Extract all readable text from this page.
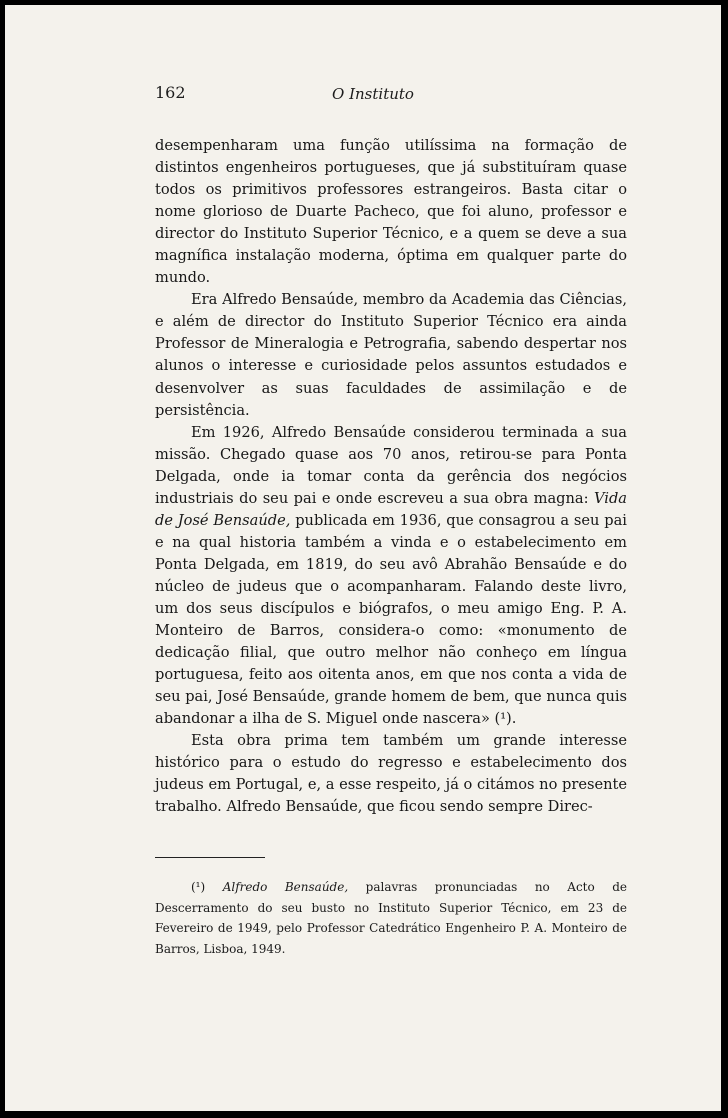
162	O Instituto

desempenharam uma função utilíssima na formação de distintos engenheiros portugueses, que já substituíram quase todos os primitivos professores estrangeiros. Basta citar o nome glorioso de Duarte Pacheco, que foi aluno, professor e director do Instituto Superior Técnico, e a quem se deve a sua magnífica instalação moderna, óptima em qualquer parte do mundo.

Era Alfredo Bensaúde, membro da Academia das Ciências, e além de director do Instituto Superior Técnico era ainda Professor de Mineralogia e Petrografia, sabendo despertar nos alunos o interesse e curiosidade pelos assuntos estudados e desenvolver as suas faculdades de assimilação e de persistência.

Em 1926, Alfredo Bensaúde considerou terminada a sua missão. Chegado quase aos 70 anos, retirou-se para Ponta Delgada, onde ia tomar conta da gerência dos negócios industriais do seu pai e onde escreveu a sua obra magna: Vida de José Bensaúde, publicada em 1936, que consagrou a seu pai e na qual historia também a vinda e o estabelecimento em Ponta Delgada, em 1819, do seu avô Abrahão Bensaúde e do núcleo de judeus que o acompanharam. Falando deste livro, um dos seus discípulos e biógrafos, o meu amigo Eng. P. A. Monteiro de Barros, considera-o como: «monumento de dedicação filial, que outro melhor não conheço em língua portuguesa, feito aos oitenta anos, em que nos conta a vida de seu pai, José Bensaúde, grande homem de bem, que nunca quis abandonar a ilha de S. Miguel onde nascera» (¹).

Esta obra prima tem também um grande interesse histórico para o estudo do regresso e estabelecimento dos judeus em Portugal, e, a esse respeito, já o citámos no presente trabalho. Alfredo Bensaúde, que ficou sendo sempre Direc-

(¹) Alfredo Bensaúde, palavras pronunciadas no Acto de Descerramento do seu busto no Instituto Superior Técnico, em 23 de Fevereiro de 1949, pelo Professor Catedrático Engenheiro P. A. Monteiro de Barros, Lisboa, 1949.
